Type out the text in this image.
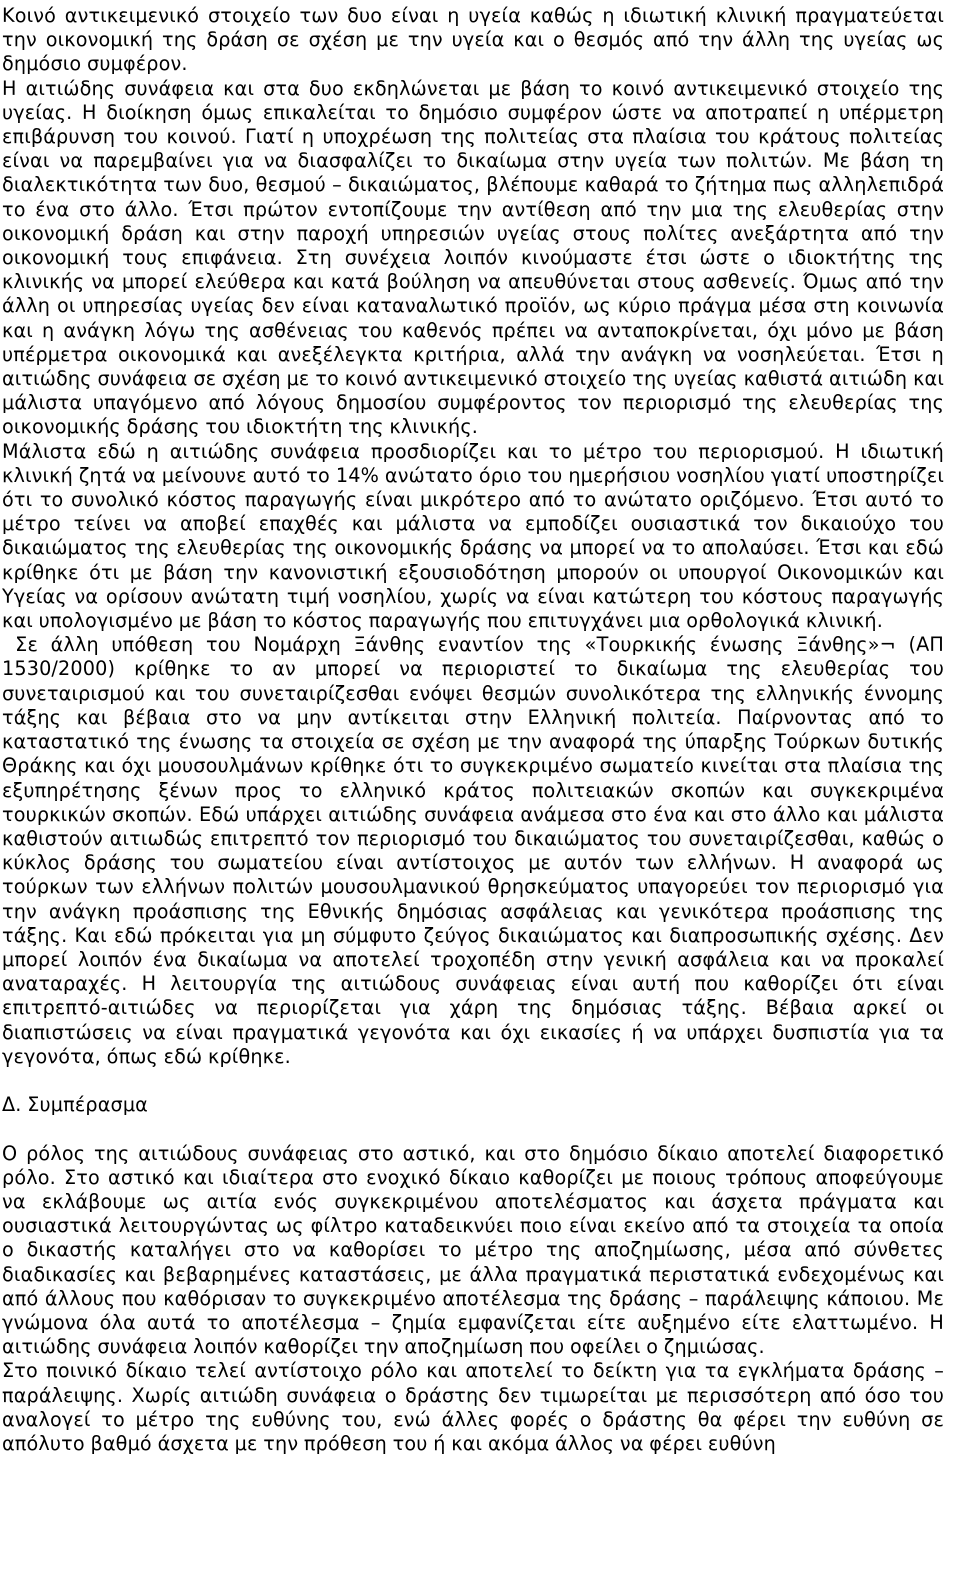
Κοινό αντικειμενικό στοιχείο των δυο είναι η υγεία καθώς η ιδιωτική κλινική πραγματεύεται την οικονομική της δράση σε σχέση με την υγεία και ο θεσμός από την άλλη της υγείας ως δημόσιο συμφέρον.

Η αιτιώδης συνάφεια και στα δυο εκδηλώνεται με βάση το κοινό αντικειμενικό στοιχείο της υγείας. Η διοίκηση όμως επικαλείται το δημόσιο συμφέρον ώστε να αποτραπεί η υπέρμετρη επιβάρυνση του κοινού. Γιατί η υποχρέωση της πολιτείας στα πλαίσια του κράτους πολιτείας είναι να παρεμβαίνει για να διασφαλίζει το δικαίωμα στην υγεία των πολιτών. Με βάση τη διαλεκτικότητα των δυο, θεσμού – δικαιώματος, βλέπουμε καθαρά το ζήτημα πως αλληλεπιδρά το ένα στο άλλο. Έτσι πρώτον εντοπίζουμε την αντίθεση από την μια της ελευθερίας στην οικονομική δράση και στην παροχή υπηρεσιών υγείας στους πολίτες ανεξάρτητα από την οικονομική τους επιφάνεια. Στη συνέχεια λοιπόν κινούμαστε έτσι ώστε ο ιδιοκτήτης της κλινικής να μπορεί ελεύθερα και κατά βούληση να απευθύνεται στους ασθενείς. Όμως από την άλλη οι υπηρεσίας υγείας δεν είναι καταναλωτικό προϊόν, ως κύριο πράγμα μέσα στη κοινωνία και η ανάγκη λόγω της ασθένειας του καθενός πρέπει να ανταποκρίνεται, όχι μόνο με βάση υπέρμετρα οικονομικά και ανεξέλεγκτα κριτήρια, αλλά την ανάγκη να νοσηλεύεται. Έτσι η αιτιώδης συνάφεια σε σχέση με το κοινό αντικειμενικό στοιχείο της υγείας καθιστά αιτιώδη και μάλιστα υπαγόμενο από λόγους δημοσίου συμφέροντος τον περιορισμό της ελευθερίας της οικονομικής δράσης του ιδιοκτήτη της κλινικής.

Μάλιστα εδώ η αιτιώδης συνάφεια προσδιορίζει και το μέτρο του περιορισμού. Η ιδιωτική κλινική ζητά να μείνουνε αυτό το 14% ανώτατο όριο του ημερήσιου νοσηλίου γιατί υποστηρίζει ότι το συνολικό κόστος παραγωγής είναι μικρότερο από το ανώτατο οριζόμενο. Έτσι αυτό το μέτρο τείνει να αποβεί επαχθές και μάλιστα να εμποδίζει ουσιαστικά τον δικαιούχο του δικαιώματος της ελευθερίας της οικονομικής δράσης να μπορεί να το απολαύσει. Έτσι και εδώ κρίθηκε ότι με βάση την κανονιστική εξουσιοδότηση μπορούν οι υπουργοί Οικονομικών και Υγείας να ορίσουν ανώτατη τιμή νοσηλίου, χωρίς να είναι κατώτερη του κόστους παραγωγής και υπολογισμένο με βάση το κόστος παραγωγής που επιτυγχάνει μια ορθολογικά κλινική.

Σε άλλη υπόθεση του Νομάρχη Ξάνθης εναντίον της «Τουρκικής ένωσης Ξάνθης»¬ (ΑΠ 1530/2000) κρίθηκε το αν μπορεί να περιοριστεί το δικαίωμα της ελευθερίας του συνεταιρισμού και του συνεταιρίζεσθαι ενόψει θεσμών συνολικότερα της ελληνικής έννομης τάξης και βέβαια στο να μην αντίκειται στην Ελληνική πολιτεία. Παίρνοντας από το καταστατικό της ένωσης τα στοιχεία σε σχέση με την αναφορά της ύπαρξης Τούρκων δυτικής Θράκης και όχι μουσουλμάνων κρίθηκε ότι το συγκεκριμένο σωματείο κινείται στα πλαίσια της εξυπηρέτησης ξένων προς το ελληνικό κράτος πολιτειακών σκοπών και συγκεκριμένα τουρκικών σκοπών. Εδώ υπάρχει αιτιώδης συνάφεια ανάμεσα στο ένα και στο άλλο και μάλιστα καθιστούν αιτιωδώς επιτρεπτό τον περιορισμό του δικαιώματος του συνεταιρίζεσθαι, καθώς ο κύκλος δράσης του σωματείου είναι αντίστοιχος με αυτόν των ελλήνων. Η αναφορά ως τούρκων των ελλήνων πολιτών μουσουλμανικού θρησκεύματος υπαγορεύει τον περιορισμό για την ανάγκη προάσπισης της Εθνικής δημόσιας ασφάλειας και γενικότερα προάσπισης της τάξης. Και εδώ πρόκειται για μη σύμφυτο ζεύγος δικαιώματος και διαπροσωπικής σχέσης. Δεν μπορεί λοιπόν ένα δικαίωμα να αποτελεί τροχοπέδη στην γενική ασφάλεια και να προκαλεί αναταραχές. Η λειτουργία της αιτιώδους συνάφειας είναι αυτή που καθορίζει ότι είναι επιτρεπτό-αιτιώδες να περιορίζεται για χάρη της δημόσιας τάξης. Βέβαια αρκεί οι διαπιστώσεις να είναι πραγματικά γεγονότα και όχι εικασίες ή να υπάρχει δυσπιστία για τα γεγονότα, όπως εδώ κρίθηκε.

Δ. Συμπέρασμα

Ο ρόλος της αιτιώδους συνάφειας στο αστικό, και στο δημόσιο δίκαιο αποτελεί διαφορετικό ρόλο. Στο αστικό και ιδιαίτερα στο ενοχικό δίκαιο καθορίζει με ποιους τρόπους αποφεύγουμε να εκλάβουμε ως αιτία ενός συγκεκριμένου αποτελέσματος και άσχετα πράγματα και ουσιαστικά λειτουργώντας ως φίλτρο καταδεικνύει ποιο είναι εκείνο από τα στοιχεία τα οποία ο δικαστής καταλήγει στο να καθορίσει το μέτρο της αποζημίωσης, μέσα από σύνθετες διαδικασίες και βεβαρημένες καταστάσεις, με άλλα πραγματικά περιστατικά ενδεχομένως και από άλλους που καθόρισαν το συγκεκριμένο αποτέλεσμα της δράσης – παράλειψης κάποιου. Με γνώμονα όλα αυτά το αποτέλεσμα – ζημία εμφανίζεται είτε αυξημένο είτε ελαττωμένο. Η αιτιώδης συνάφεια λοιπόν καθορίζει την αποζημίωση που οφείλει ο ζημιώσας.

Στο ποινικό δίκαιο τελεί αντίστοιχο ρόλο και αποτελεί το δείκτη για τα εγκλήματα δράσης – παράλειψης. Χωρίς αιτιώδη συνάφεια ο δράστης δεν τιμωρείται με περισσότερη από όσο του αναλογεί το μέτρο της ευθύνης του, ενώ άλλες φορές ο δράστης θα φέρει την ευθύνη σε απόλυτο βαθμό άσχετα με την πρόθεση του ή και ακόμα άλλος να φέρει ευθύνη
